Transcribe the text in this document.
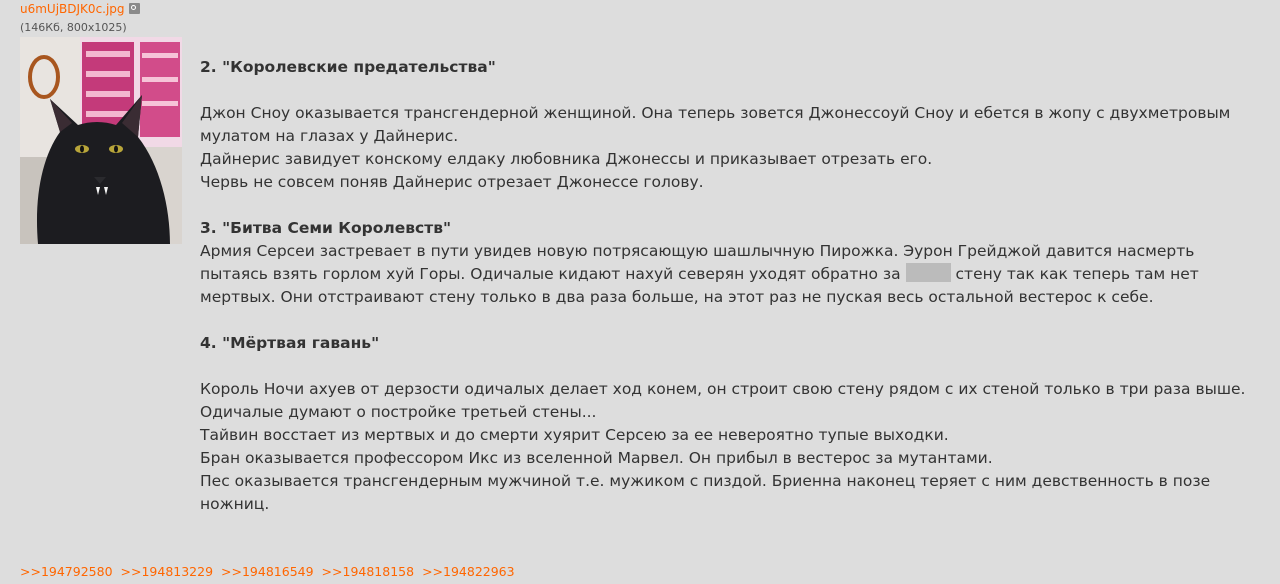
u6mUjBDJK0c.jpg
(146Кб, 800x1025)

2. "Королевские предательства"

Джон Сноу оказывается трансгендерной женщиной. Она теперь зовется Джонессоуй Сноу и ебется в жопу с двухметровым

мулатом на глазах у Дайнерис.

Дайнерис завидует конскому елдаку любовника Джонессы и приказывает отрезать его.

Червь не совсем поняв Дайнерис отрезает Джонессе голову.

3. "Битва Семи Королевств"

Армия Серсеи застревает в пути увидев новую потрясающую шашлычную Пирожка. Эурон Грейджой давится насмерть

пытаясь взять горлом хуй Горы. Одичалые кидают нахуй северян уходят обратно за	стену так как теперь там нет

мертвых. Они отстраивают стену только в два раза больше, на этот раз не пуская весь остальной вестерос к себе.

4. "Мёртвая гавань"

Король Ночи ахуев от дерзости одичалых делает ход конем, он строит свою стену рядом с их стеной только в три раза выше.

Одичалые думают о постройке третьей стены...

Тайвин восстает из мертвых и до смерти хуярит Серсею за ее невероятно тупые выходки.

Бран оказывается профессором Икс из вселенной Марвел. Он прибыл в вестерос за мутантами.

Пес оказывается трансгендерным мужчиной т.е. мужиком с пиздой. Бриенна наконец теряет с ним девственность в позе

ножниц.

>>194792580 >>194813229 >>194816549 >>194818158 >>194822963
